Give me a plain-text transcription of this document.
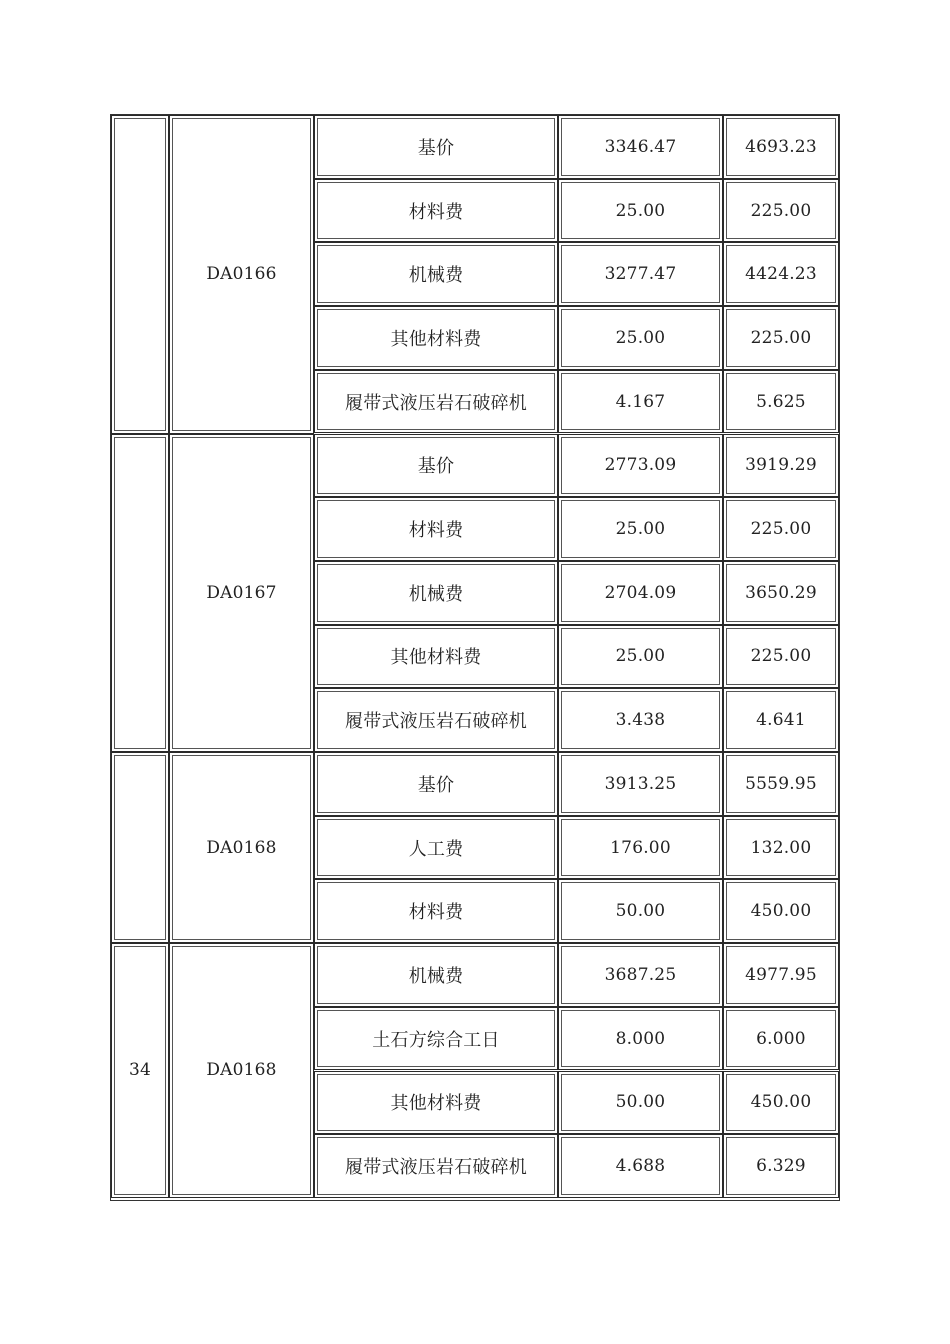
DA0166
基价	3346.47	4693.23
材料费	25.00	225.00
机械费	3277.47	4424.23
其他材料费	25.00	225.00
履带式液压岩石破碎机	4.167	5.625
DA0167
基价	2773.09	3919.29
材料费	25.00	225.00
机械费	2704.09	3650.29
其他材料费	25.00	225.00
履带式液压岩石破碎机	3.438	4.641
DA0168
基价	3913.25	5559.95
人工费	176.00	132.00
材料费	50.00	450.00
34	DA0168
机械费	3687.25	4977.95
土石方综合工日	8.000	6.000
其他材料费	50.00	450.00
履带式液压岩石破碎机	4.688	6.329
